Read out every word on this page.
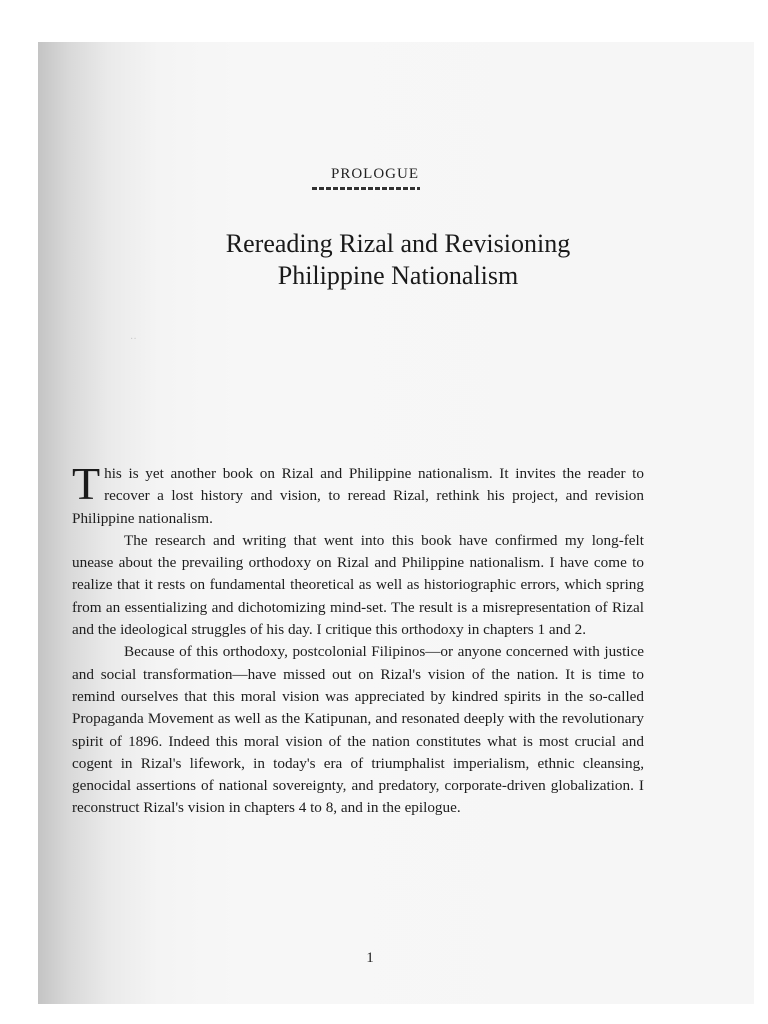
PROLOGUE
Rereading Rizal and Revisioning
Philippine Nationalism
··

This is yet another book on Rizal and Philippine nationalism. It invites the reader to recover a lost history and vision, to reread Rizal, rethink his project, and revision Philippine nationalism.

The research and writing that went into this book have confirmed my long-felt unease about the prevailing orthodoxy on Rizal and Philippine nationalism. I have come to realize that it rests on fundamental theoretical as well as historiographic errors, which spring from an essentializing and dichotomizing mind-set. The result is a misrepresentation of Rizal and the ideological struggles of his day. I critique this orthodoxy in chapters 1 and 2.

Because of this orthodoxy, postcolonial Filipinos—or anyone concerned with justice and social transformation—have missed out on Rizal's vision of the nation. It is time to remind ourselves that this moral vision was appreciated by kindred spirits in the so-called Propaganda Movement as well as the Katipunan, and resonated deeply with the revolutionary spirit of 1896. Indeed this moral vision of the nation constitutes what is most crucial and cogent in Rizal's lifework, in today's era of triumphalist imperialism, ethnic cleansing, genocidal assertions of national sovereignty, and predatory, corporate-driven globalization. I reconstruct Rizal's vision in chapters 4 to 8, and in the epilogue.

1
